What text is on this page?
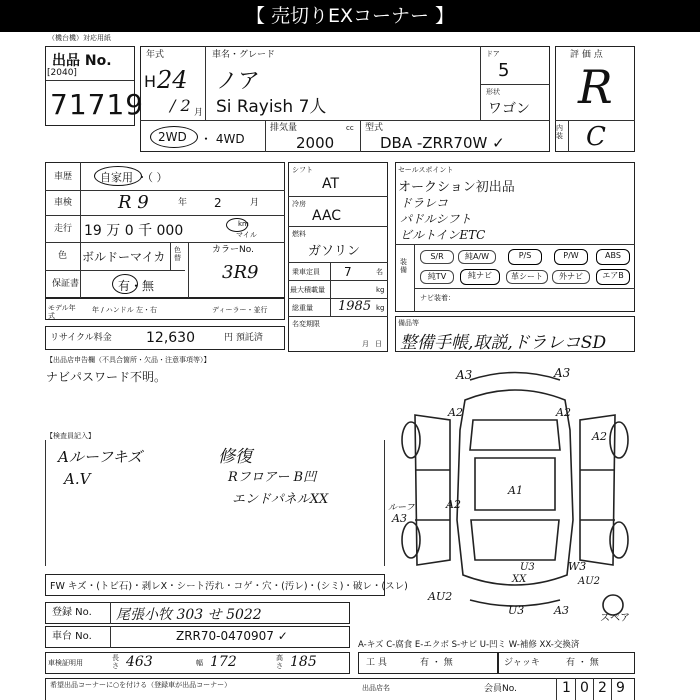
【 売切りEXコーナー 】
（機台機）対応用紙
出品 No.
[2040]
71719
年式
H 24
/ 2 月
車名・グレード
ノア
Si Rayish 7人
ドア
5
形状
ワゴン
2WD ・ 4WD
排気量
2000
cc 型式
DBA -ZRR70W ✓
評 価 点
R
内装 C
車歴	自家用 ・（ ）
車検	R 9	年 2	月
走行 19 万 0 千 000	km
マイル
色 ボルドーマイカ 色替
カラーNo.
3R9
保証書	有・無
モデル年式
年 / ハンドル 左・右	ディーラー・並行
リサイクル料金 12,630	円 預託済
【出品店申告欄（不具合箇所・欠品・注意事項等）】
ナビパスワード不明。
シフト
AT
冷房
AAC
燃料
ガソリン
乗車定員 7	名
最大積載量	kg
総重量 1985 kg
名変期限
月日
セールスポイント
オークション初出品
ドラレコ
パドルシフト
ビルトインETC
装備
S/R	純A/W	P/S	P/W	ABS
純TV	純ナビ	革シート	外ナビ	エアB
ナビ装着：
備品等
整備手帳,取説,ドラレコSD
【検査員記入】
Aルーフキズ
A.V
修復
Rフロアー B凹
エンドパネルXX
A3	A3
A2	A2
A2
ルーフ
A3
A2
XX
A1
U3	A3
U3
AU2
W3
AU2
スペア
FW キズ・(トビ石)・剥レX・シート汚れ・コゲ・穴・(汚レ)・(シミ)・破レ・(スレ)
登録 No. 尾張小牧 303 せ 5022
車台 No.	ZRR70-0470907 ✓
車検証明用
長さ 463	幅 172	高さ 185
A-キズ C-腐食 E-エクボ S-サビ U-凹ミ W-補修 XX-交換済
工 具	有 ・ 無	ジャッキ	有 ・ 無
希望出品コーナーに○を付ける（登録車が出品コーナー）	出品店名	会員No.	1 0 2 9
